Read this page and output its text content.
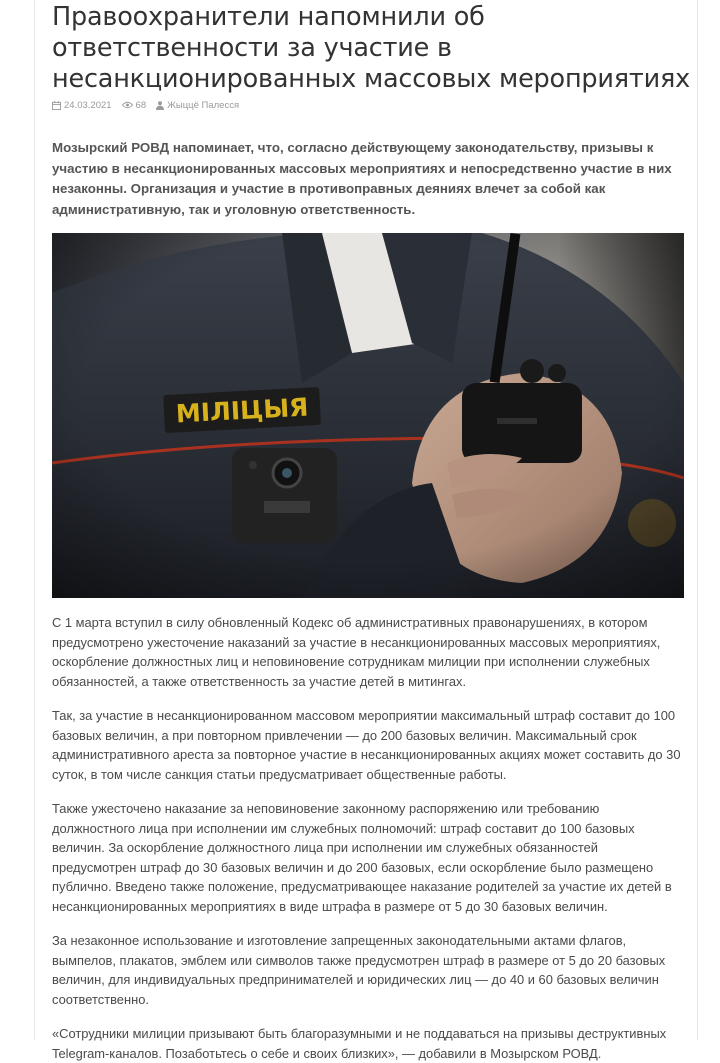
Правоохранители напомнили об ответственности за участие в несанкционированных массовых мероприятиях
24.03.2021	68 Жыццё Палесся

Мозырский РОВД напоминает, что, согласно действующему законодательству, призывы к участию в несанкционированных массовых мероприятиях и непосредственно участие в них незаконны. Организация и участие в противоправных деяниях влечет за собой как административную, так и уголовную ответственность.

С 1 марта вступил в силу обновленный Кодекс об административных правонарушениях, в котором предусмотрено ужесточение наказаний за участие в несанкционированных массовых мероприятиях, оскорбление должностных лиц и неповиновение сотрудникам милиции при исполнении служебных обязанностей, а также ответственность за участие детей в митингах.

Так, за участие в несанкционированном массовом мероприятии максимальный штраф составит до 100 базовых величин, а при повторном привлечении — до 200 базовых величин. Максимальный срок административного ареста за повторное участие в несанкционированных акциях может составить до 30 суток, в том числе санкция статьи предусматривает общественные работы.

Также ужесточено наказание за неповиновение законному распоряжению или требованию должностного лица при исполнении им служебных полномочий: штраф составит до 100 базовых величин. За оскорбление должностного лица при исполнении им служебных обязанностей предусмотрен штраф до 30 базовых величин и до 200 базовых, если оскорбление было размещено публично. Введено также положение, предусматривающее наказание родителей за участие их детей в несанкционированных мероприятиях в виде штрафа в размере от 5 до 30 базовых величин.

За незаконное использование и изготовление запрещенных законодательными актами флагов, вымпелов, плакатов, эмблем или символов также предусмотрен штраф в размере от 5 до 20 базовых величин, для индивидуальных предпринимателей и юридических лиц — до 40 и 60 базовых величин соответственно.

«Сотрудники милиции призывают быть благоразумными и не поддаваться на призывы деструктивных Telegram-каналов. Позаботьтесь о себе и своих близких», — добавили в Мозырском РОВД.
